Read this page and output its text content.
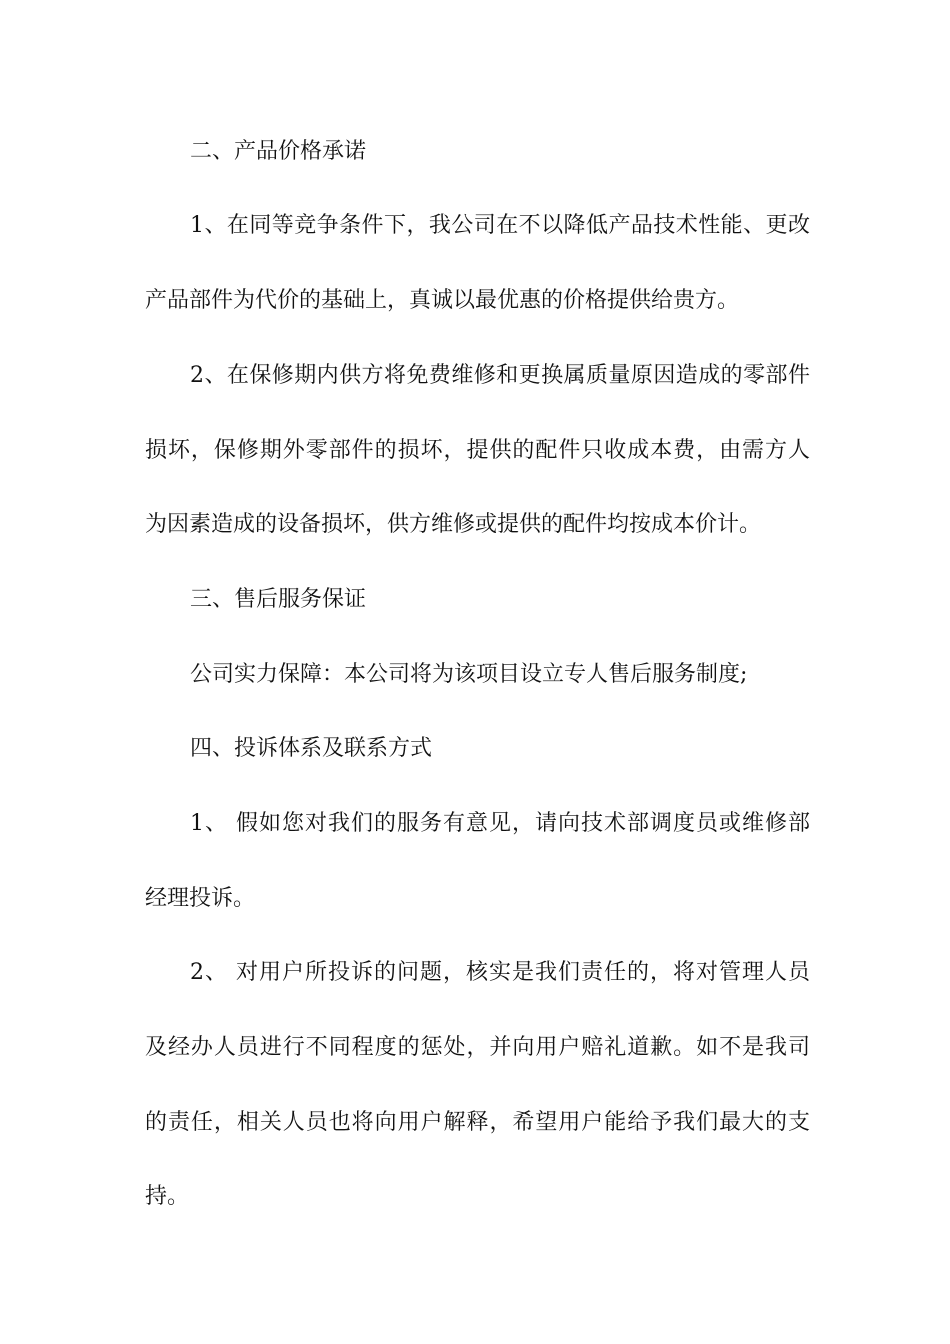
二、产品价格承诺
1、在同等竞争条件下，我公司在不以降低产品技术性能、更改
产品部件为代价的基础上，真诚以最优惠的价格提供给贵方。
2、在保修期内供方将免费维修和更换属质量原因造成的零部件
损坏，保修期外零部件的损坏，提供的配件只收成本费，由需方人
为因素造成的设备损坏，供方维修或提供的配件均按成本价计。
三、售后服务保证
公司实力保障：本公司将为该项目设立专人售后服务制度;
四、投诉体系及联系方式
1、 假如您对我们的服务有意见，请向技术部调度员或维修部
经理投诉。
2、 对用户所投诉的问题，核实是我们责任的，将对管理人员
及经办人员进行不同程度的惩处，并向用户赔礼道歉。如不是我司
的责任，相关人员也将向用户解释，希望用户能给予我们最大的支
持。
